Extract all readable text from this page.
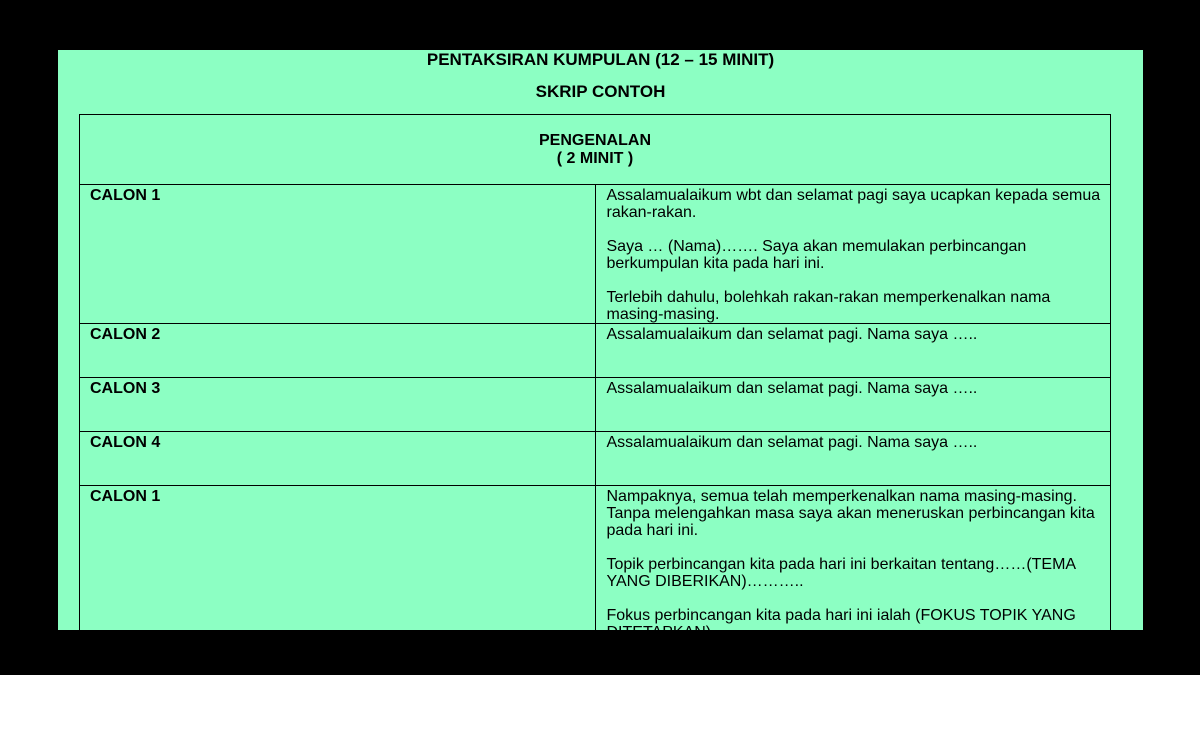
PENTAKSIRAN KUMPULAN (12 – 15 MINIT)
SKRIP CONTOH
PENGENALAN
( 2 MINIT )	

CALON 1	Assalamualaikum wbt dan selamat pagi saya ucapkan kepada semua rakan-rakan.

Saya … (Nama)……. Saya akan memulakan perbincangan berkumpulan kita pada hari ini.

Terlebih dahulu, bolehkah rakan-rakan memperkenalkan nama masing-masing.

CALON 2	Assalamualaikum dan selamat pagi. Nama saya …..

CALON 3	Assalamualaikum dan selamat pagi. Nama saya …..

CALON 4	Assalamualaikum dan selamat pagi. Nama saya …..

CALON 1	Nampaknya, semua telah memperkenalkan nama masing-masing. Tanpa melengahkan masa saya akan meneruskan perbincangan kita pada hari ini.

Topik perbincangan kita pada hari ini berkaitan tentang……(TEMA YANG DIBERIKAN)………..

Fokus perbincangan kita pada hari ini ialah (FOKUS TOPIK YANG DITETAPKAN)
